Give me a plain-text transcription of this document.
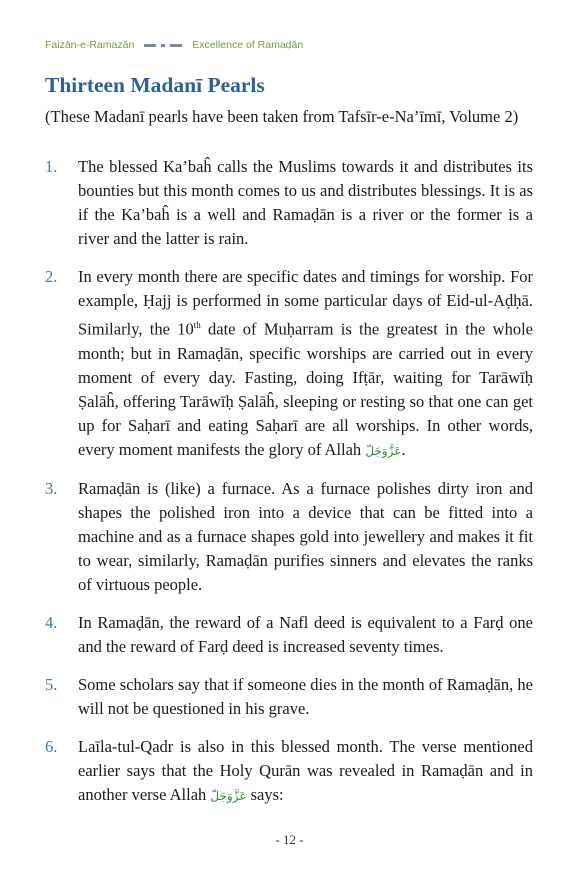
Faizān-e-Ramazān	Excellence of Ramaḍān
Thirteen Madanī Pearls
(These Madanī pearls have been taken from Tafsīr-e-Na’īmī, Volume 2)
1.	The blessed Ka’baĥ calls the Muslims towards it and distributes its bounties but this month comes to us and distributes blessings. It is as if the Ka’baĥ is a well and Ramaḍān is a river or the former is a river and the latter is rain.
2.	In every month there are specific dates and timings for worship. For example, Ḥajj is performed in some particular days of Eid-ul-Aḍḥā. Similarly, the 10th date of Muḥarram is the greatest in the whole month; but in Ramaḍān, specific worships are carried out in every moment of every day. Fasting, doing Ifṭār, waiting for Tarāwīḥ Ṣalāĥ, offering Tarāwīḥ Ṣalāĥ, sleeping or resting so that one can get up for Saḥarī and eating Saḥarī are all worships. In other words, every moment manifests the glory of Allah عَزَّوَجَلّ.
3.	Ramaḍān is (like) a furnace. As a furnace polishes dirty iron and shapes the polished iron into a device that can be fitted into a machine and as a furnace shapes gold into jewellery and makes it fit to wear, similarly, Ramaḍān purifies sinners and elevates the ranks of virtuous people.
4.	In Ramaḍān, the reward of a Nafl deed is equivalent to a Farḍ one and the reward of Farḍ deed is increased seventy times.
5.	Some scholars say that if someone dies in the month of Ramaḍān, he will not be questioned in his grave.
6.	Laīla-tul-Qadr is also in this blessed month. The verse mentioned earlier says that the Holy Qurān was revealed in Ramaḍān and in another verse Allah عَزَّوَجَلّ says:
- 12 -
